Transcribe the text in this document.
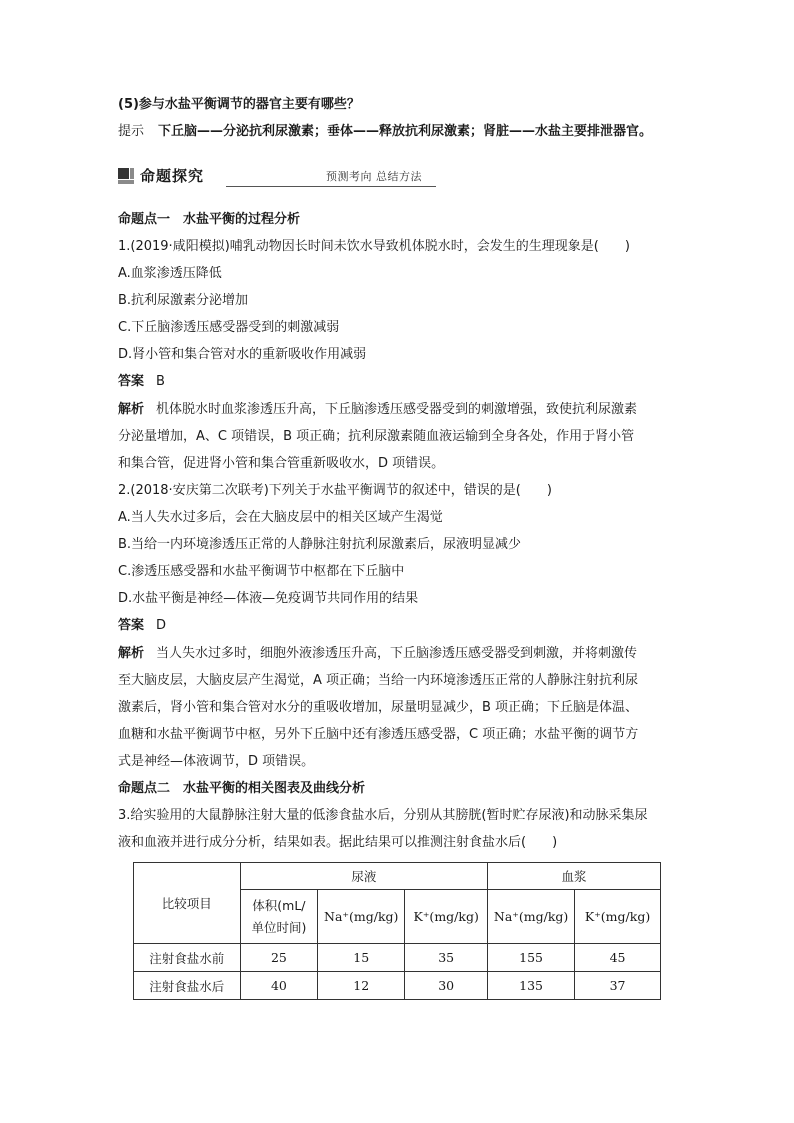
(5)参与水盐平衡调节的器官主要有哪些？
提示 下丘脑——分泌抗利尿激素；垂体——释放抗利尿激素；肾脏——水盐主要排泄器官。
命题探究	预测考向 总结方法
命题点一　水盐平衡的过程分析
1.(2019·咸阳模拟)哺乳动物因长时间未饮水导致机体脱水时，会发生的生理现象是(　　)
A.血浆渗透压降低
B.抗利尿激素分泌增加
C.下丘脑渗透压感受器受到的刺激减弱
D.肾小管和集合管对水的重新吸收作用减弱
答案 B
解析 机体脱水时血浆渗透压升高，下丘脑渗透压感受器受到的刺激增强，致使抗利尿激素
分泌量增加，A、C 项错误，B 项正确；抗利尿激素随血液运输到全身各处，作用于肾小管
和集合管，促进肾小管和集合管重新吸收水，D 项错误。
2.(2018·安庆第二次联考)下列关于水盐平衡调节的叙述中，错误的是(　　)
A.当人失水过多后，会在大脑皮层中的相关区域产生渴觉
B.当给一内环境渗透压正常的人静脉注射抗利尿激素后，尿液明显减少
C.渗透压感受器和水盐平衡调节中枢都在下丘脑中
D.水盐平衡是神经—体液—免疫调节共同作用的结果
答案 D
解析 当人失水过多时，细胞外液渗透压升高，下丘脑渗透压感受器受到刺激，并将刺激传
至大脑皮层，大脑皮层产生渴觉，A 项正确；当给一内环境渗透压正常的人静脉注射抗利尿
激素后，肾小管和集合管对水分的重吸收增加，尿量明显减少，B 项正确；下丘脑是体温、
血糖和水盐平衡调节中枢，另外下丘脑中还有渗透压感受器，C 项正确；水盐平衡的调节方
式是神经—体液调节，D 项错误。
命题点二　水盐平衡的相关图表及曲线分析
3.给实验用的大鼠静脉注射大量的低渗食盐水后，分别从其膀胱(暂时贮存尿液)和动脉采集尿
液和血液并进行成分分析，结果如表。据此结果可以推测注射食盐水后(　　)
比较项目	尿液			血浆	

	体积(mL/
单位时间)	Na⁺(mg/kg)	K⁺(mg/kg)	Na⁺(mg/kg)	K⁺(mg/kg)
注射食盐水前	25	15	35	155	45
注射食盐水后	40	12	30	135	37
